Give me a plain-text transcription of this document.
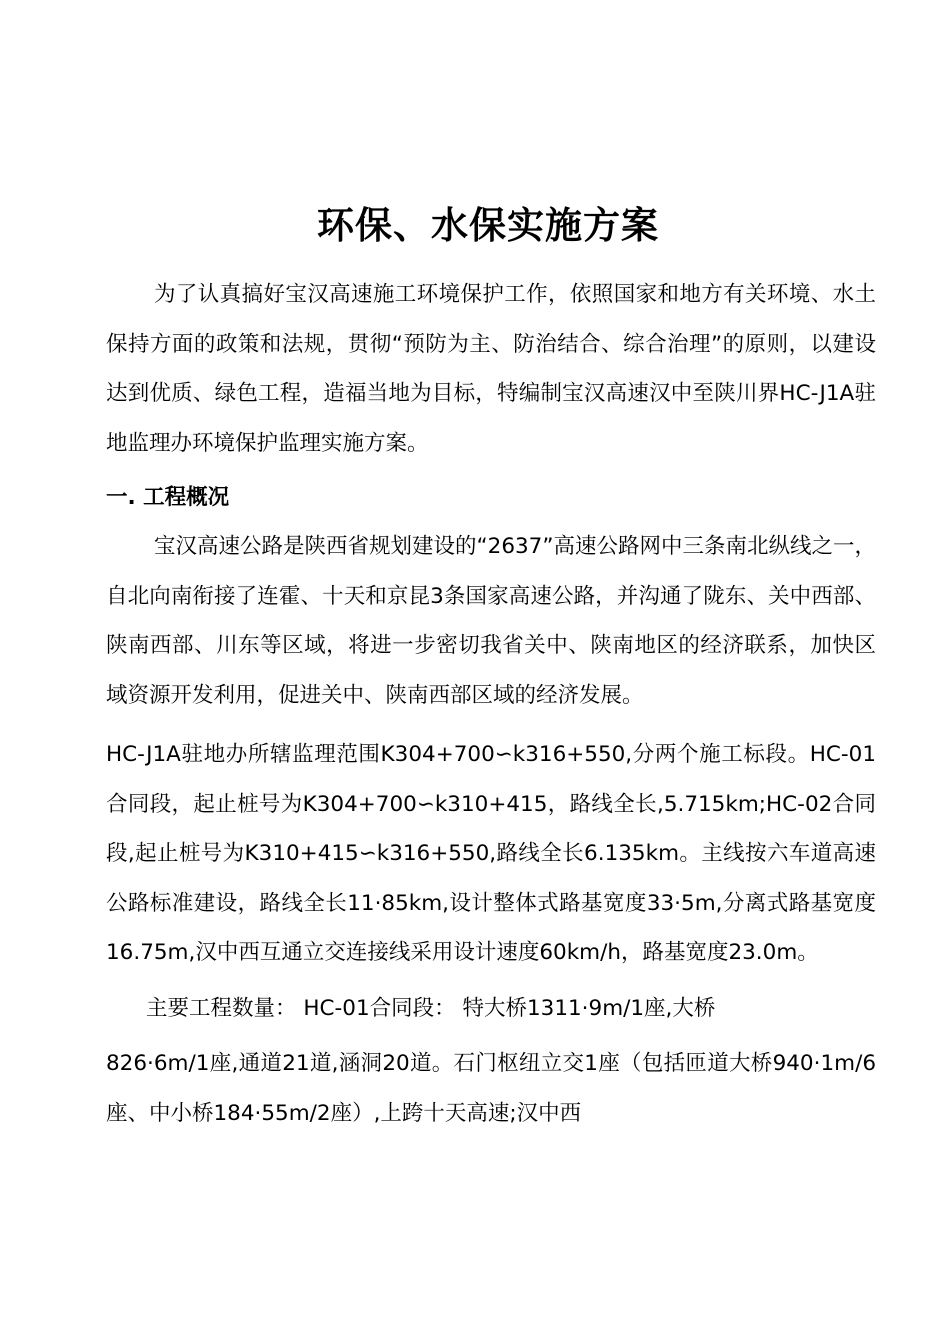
环保、水保实施方案

为了认真搞好宝汉高速施工环境保护工作，依照国家和地方有关环境、水土保持方面的政策和法规，贯彻“预防为主、防治结合、综合治理”的原则，以建设达到优质、绿色工程，造福当地为目标，特编制宝汉高速汉中至陕川界HC-J1A驻地监理办环境保护监理实施方案。

一. 工程概况

宝汉高速公路是陕西省规划建设的“2637”高速公路网中三条南北纵线之一，自北向南衔接了连霍、十天和京昆3条国家高速公路，并沟通了陇东、关中西部、陕南西部、川东等区域，将进一步密切我省关中、陕南地区的经济联系，加快区域资源开发利用，促进关中、陕南西部区域的经济发展。

HC-J1A驻地办所辖监理范围K304+700∽k316+550,分两个施工标段。HC-01合同段，起止桩号为K304+700∽k310+415，路线全长,5.715km;HC-02合同段,起止桩号为K310+415∽k316+550,路线全长6.135km。主线按六车道高速公路标准建设，路线全长11·85km,设计整体式路基宽度33·5m,分离式路基宽度16.75m,汉中西互通立交连接线采用设计速度60km/h，路基宽度23.0m。

主要工程数量： HC-01合同段： 特大桥1311·9m/1座,大桥

826·6m/1座,通道21道,涵洞20道。石门枢纽立交1座（包括匝道大桥940·1m/6座、中小桥184·55m/2座）,上跨十天高速;汉中西
